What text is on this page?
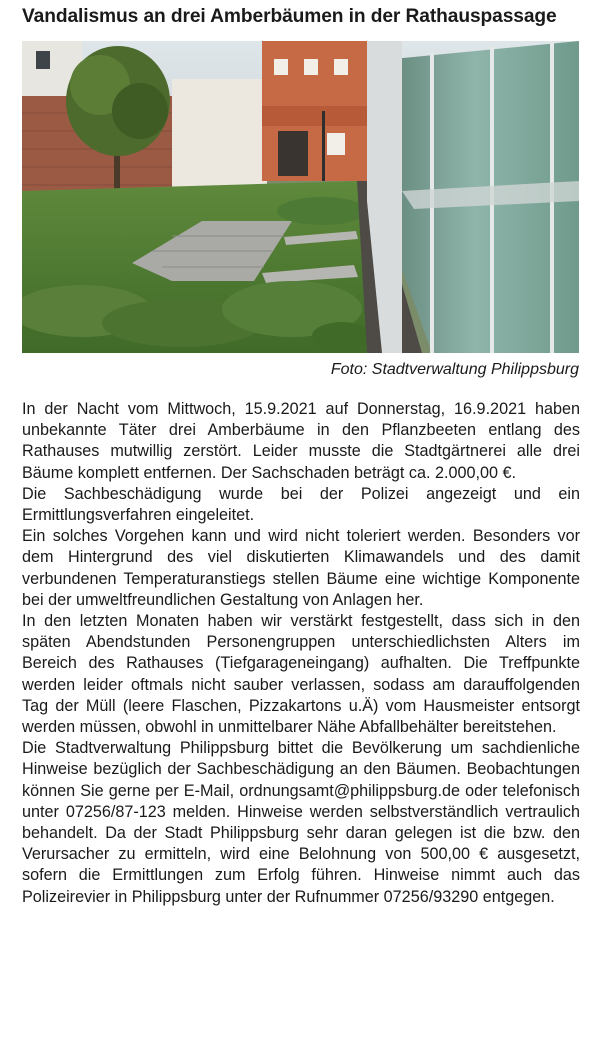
Vandalismus an drei Amberbäumen in der Rathauspassage
Foto: Stadtverwaltung Philippsburg

In der Nacht vom Mittwoch, 15.9.2021 auf Donnerstag, 16.9.2021 haben unbekannte Täter drei Amberbäume in den Pflanzbeeten entlang des Rathauses mutwillig zerstört. Leider musste die Stadtgärtnerei alle drei Bäume komplett entfernen. Der Sachschaden beträgt ca. 2.000,00 €.

Die Sachbeschädigung wurde bei der Polizei angezeigt und ein Ermittlungsverfahren eingeleitet.

Ein solches Vorgehen kann und wird nicht toleriert werden. Besonders vor dem Hintergrund des viel diskutierten Klimawandels und des damit verbundenen Temperaturanstiegs stellen Bäume eine wichtige Komponente bei der umweltfreundlichen Gestaltung von Anlagen her.

In den letzten Monaten haben wir verstärkt festgestellt, dass sich in den späten Abendstunden Personengruppen unterschiedlichsten Alters im Bereich des Rathauses (Tiefgarageneingang) aufhalten. Die Treffpunkte werden leider oftmals nicht sauber verlassen, sodass am darauffolgenden Tag der Müll (leere Flaschen, Pizzakartons u.Ä) vom Hausmeister entsorgt werden müssen, obwohl in unmittelbarer Nähe Abfallbehälter bereitstehen.

Die Stadtverwaltung Philippsburg bittet die Bevölkerung um sachdienliche Hinweise bezüglich der Sachbeschädigung an den Bäumen. Beobachtungen können Sie gerne per E-Mail, ordnungsamt@philippsburg.de oder telefonisch unter 07256/87-123 melden. Hinweise werden selbstverständlich vertraulich behandelt. Da der Stadt Philippsburg sehr daran gelegen ist die bzw. den Verursacher zu ermitteln, wird eine Belohnung von 500,00 € ausgesetzt, sofern die Ermittlungen zum Erfolg führen. Hinweise nimmt auch das Polizeirevier in Philippsburg unter der Rufnummer 07256/93290 entgegen.
